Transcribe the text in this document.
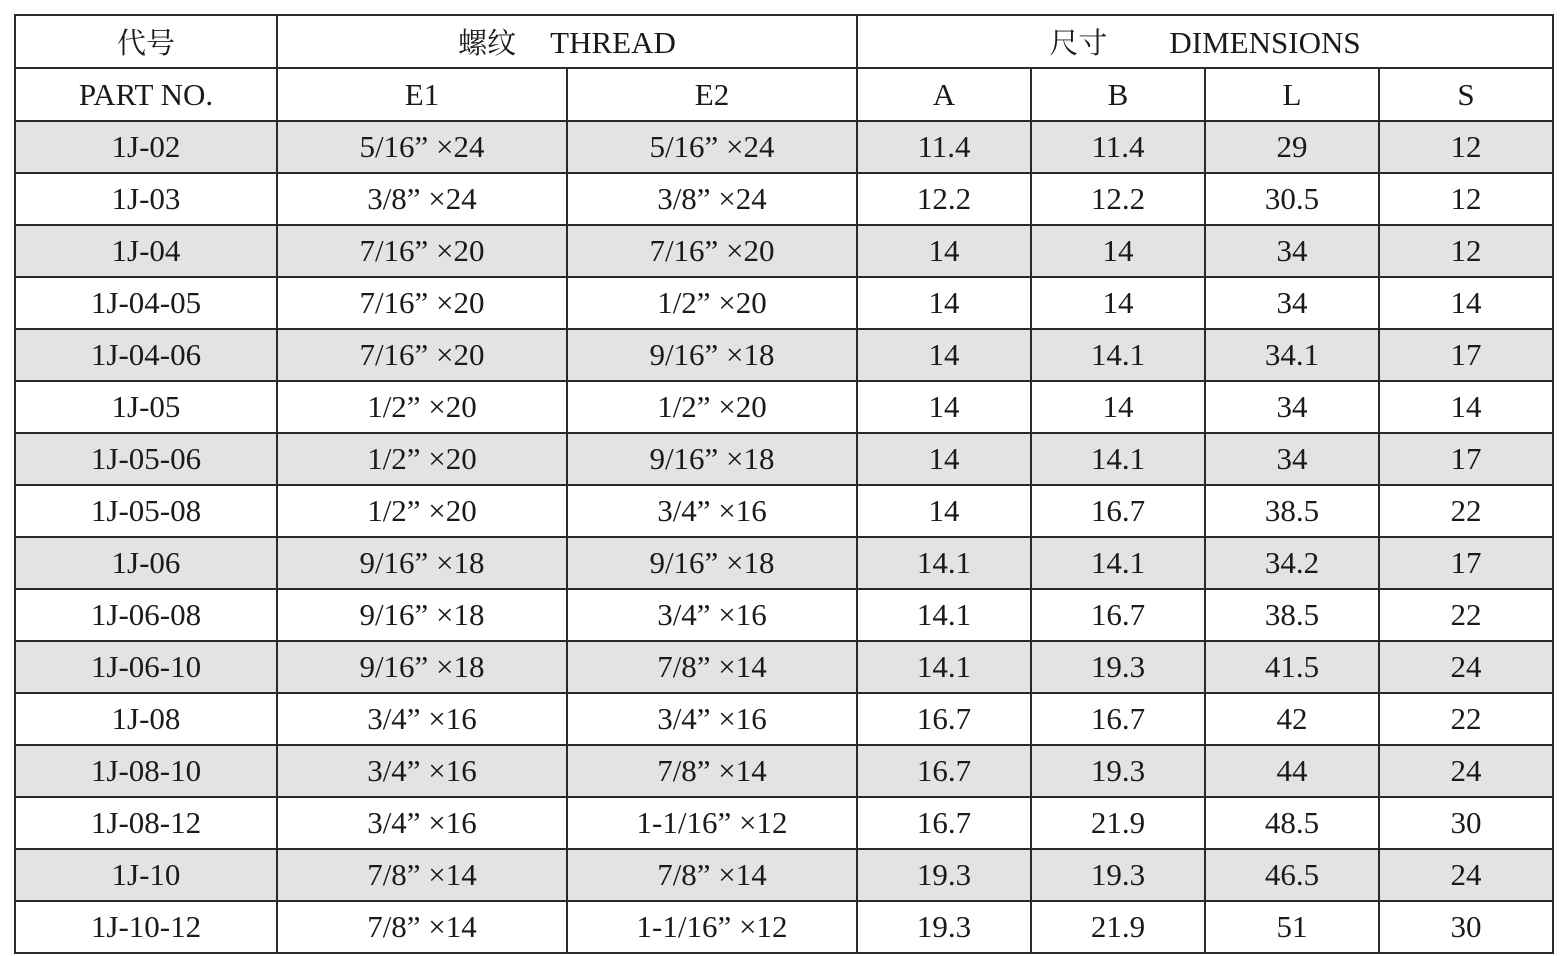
代号	螺纹 THREAD		尺寸 DIMENSIONS			
PART NO.	E1	E2	A	B	L	S
1J-02	5/16” ×24	5/16” ×24	11.4	11.4	29	12
1J-03	3/8” ×24	3/8” ×24	12.2	12.2	30.5	12
1J-04	7/16” ×20	7/16” ×20	14	14	34	12
1J-04-05	7/16” ×20	1/2” ×20	14	14	34	14
1J-04-06	7/16” ×20	9/16” ×18	14	14.1	34.1	17
1J-05	1/2” ×20	1/2” ×20	14	14	34	14
1J-05-06	1/2” ×20	9/16” ×18	14	14.1	34	17
1J-05-08	1/2” ×20	3/4” ×16	14	16.7	38.5	22
1J-06	9/16” ×18	9/16” ×18	14.1	14.1	34.2	17
1J-06-08	9/16” ×18	3/4” ×16	14.1	16.7	38.5	22
1J-06-10	9/16” ×18	7/8” ×14	14.1	19.3	41.5	24
1J-08	3/4” ×16	3/4” ×16	16.7	16.7	42	22
1J-08-10	3/4” ×16	7/8” ×14	16.7	19.3	44	24
1J-08-12	3/4” ×16	1-1/16” ×12	16.7	21.9	48.5	30
1J-10	7/8” ×14	7/8” ×14	19.3	19.3	46.5	24
1J-10-12	7/8” ×14	1-1/16” ×12	19.3	21.9	51	30
